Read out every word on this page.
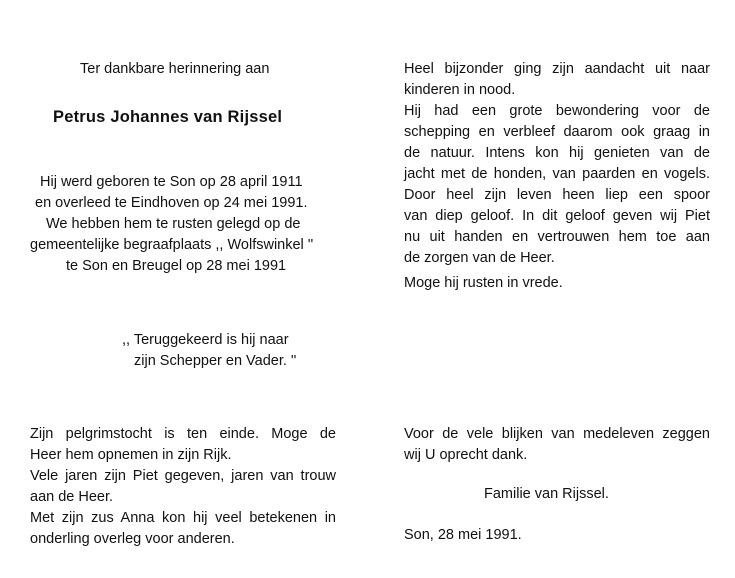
Ter dankbare herinnering aan
Petrus Johannes van Rijssel
Hij werd geboren te Son op 28 april 1911
en overleed te Eindhoven op 24 mei 1991.
We hebben hem te rusten gelegd op de
gemeentelijke begraafplaats ,, Wolfswinkel ''
te Son en Breugel op 28 mei 1991
,, Teruggekeerd is hij naar
zijn Schepper en Vader. ''
Zijn pelgrimstocht is ten einde. Moge de
Heer hem opnemen in zijn Rijk.
Vele jaren zijn Piet gegeven, jaren van trouw
aan de Heer.
Met zijn zus Anna kon hij veel betekenen in
onderling overleg voor anderen.
Heel bijzonder ging zijn aandacht uit naar
kinderen in nood.
Hij had een grote bewondering voor de
schepping en verbleef daarom ook graag in
de natuur. Intens kon hij genieten van de
jacht met de honden, van paarden en vogels.
Door heel zijn leven heen liep een spoor
van diep geloof. In dit geloof geven wij Piet
nu uit handen en vertrouwen hem toe aan
de zorgen van de Heer.
Moge hij rusten in vrede.
Voor de vele blijken van medeleven zeggen
wij U oprecht dank.
Familie van Rijssel.
Son, 28 mei 1991.
